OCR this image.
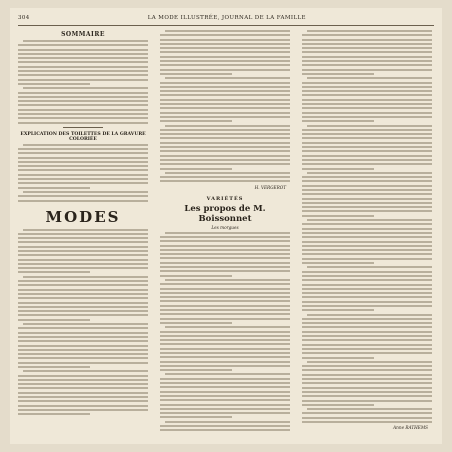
304	LA MODE ILLUSTRÉE, JOURNAL DE LA FAMILLE
SOMMAIRE
EXPLICATION DES TOILETTES DE LA GRAVURE COLORIÉE
MODES
H. VERGEROT
VARIÉTÉS
Les propos de M. Boissonnet
Les morgues
Anne RATHEMS
